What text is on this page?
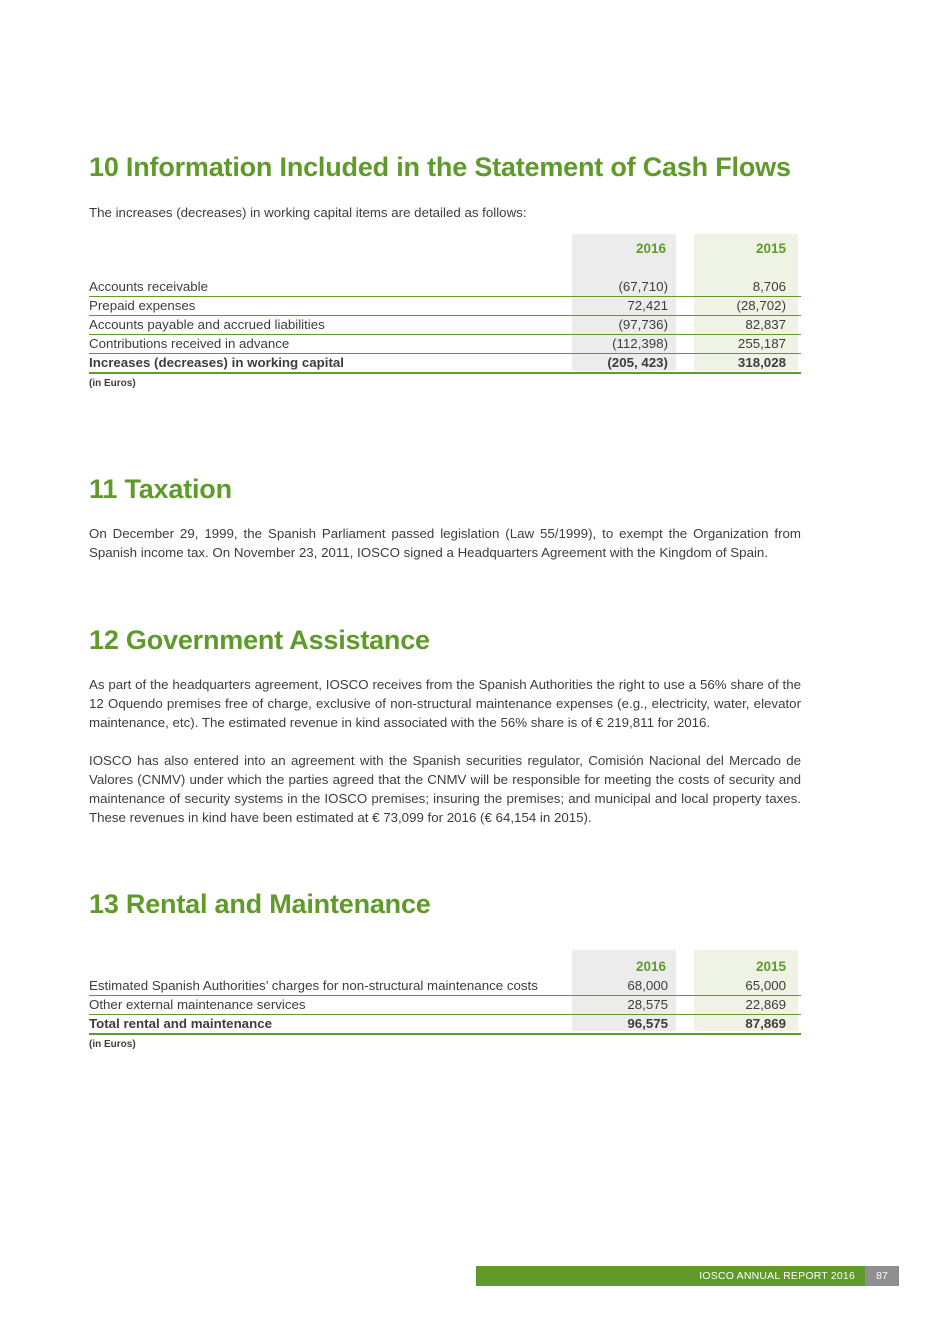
10 Information Included in the Statement of Cash Flows

The increases (decreases) in working capital items are detailed as follows:

2016	2015
Accounts receivable	(67,710)	8,706
Prepaid expenses	72,421	(28,702)
Accounts payable and accrued liabilities	(97,736)	82,837
Contributions received in advance	(112,398)	255,187
Increases (decreases) in working capital	(205, 423)	318,028
(in Euros)
11 Taxation

On December 29, 1999, the Spanish Parliament passed legislation (Law 55/1999), to exempt the Organization from Spanish income tax. On November 23, 2011, IOSCO signed a Headquarters Agreement with the Kingdom of Spain.

12 Government Assistance

As part of the headquarters agreement, IOSCO receives from the Spanish Authorities the right to use a 56% share of the 12 Oquendo premises free of charge, exclusive of non-structural maintenance expenses (e.g., electricity, water, elevator maintenance, etc). The estimated revenue in kind associated with the 56% share is of € 219,811 for 2016.

IOSCO has also entered into an agreement with the Spanish securities regulator, Comisión Nacional del Mercado de Valores (CNMV) under which the parties agreed that the CNMV will be responsible for meeting the costs of security and maintenance of security systems in the IOSCO premises; insuring the premises; and municipal and local property taxes. These revenues in kind have been estimated at € 73,099 for 2016 (€ 64,154 in 2015).

13 Rental and Maintenance
2016	2015
Estimated Spanish Authorities’ charges for non-structural maintenance costs	68,000	65,000
Other external maintenance services	28,575	22,869
Total rental and maintenance	96,575	87,869
(in Euros)
IOSCO ANNUAL REPORT 2016	87
